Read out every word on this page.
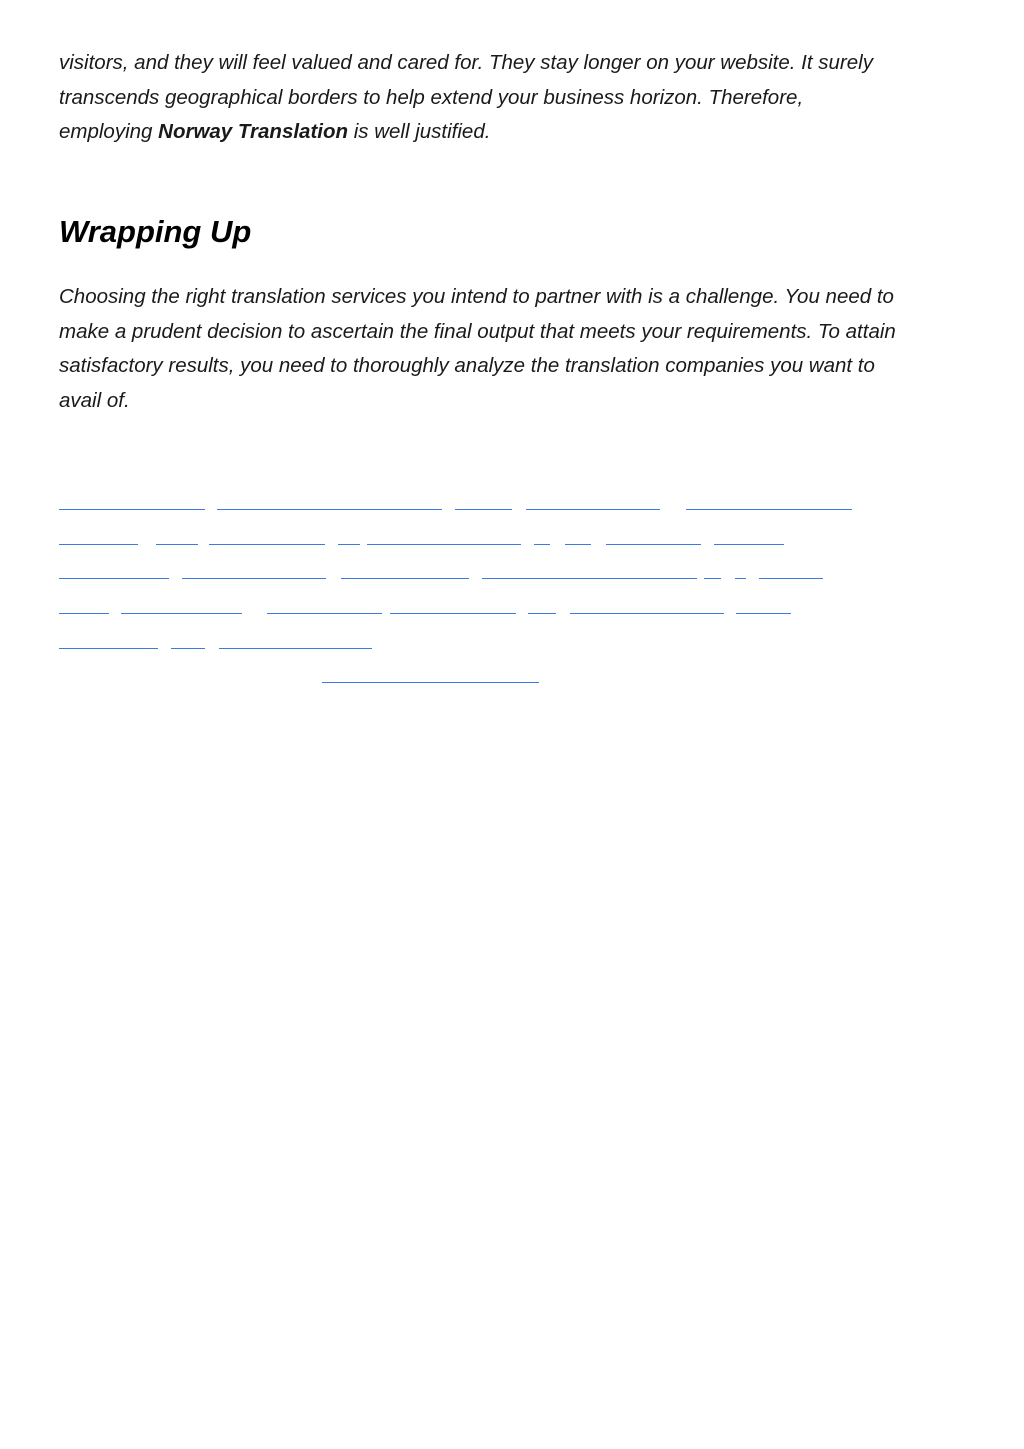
visitors, and they will feel valued and cared for. They stay longer on your website. It surely
transcends geographical borders to help extend your business horizon. Therefore,
employing Norway Translation is well justified.

Wrapping Up

Choosing the right translation services you intend to partner with is a challenge. You need to
make a prudent decision to ascertain the final output that meets your requirements. To attain
satisfactory results, you need to thoroughly analyze the translation companies you want to
avail of.
